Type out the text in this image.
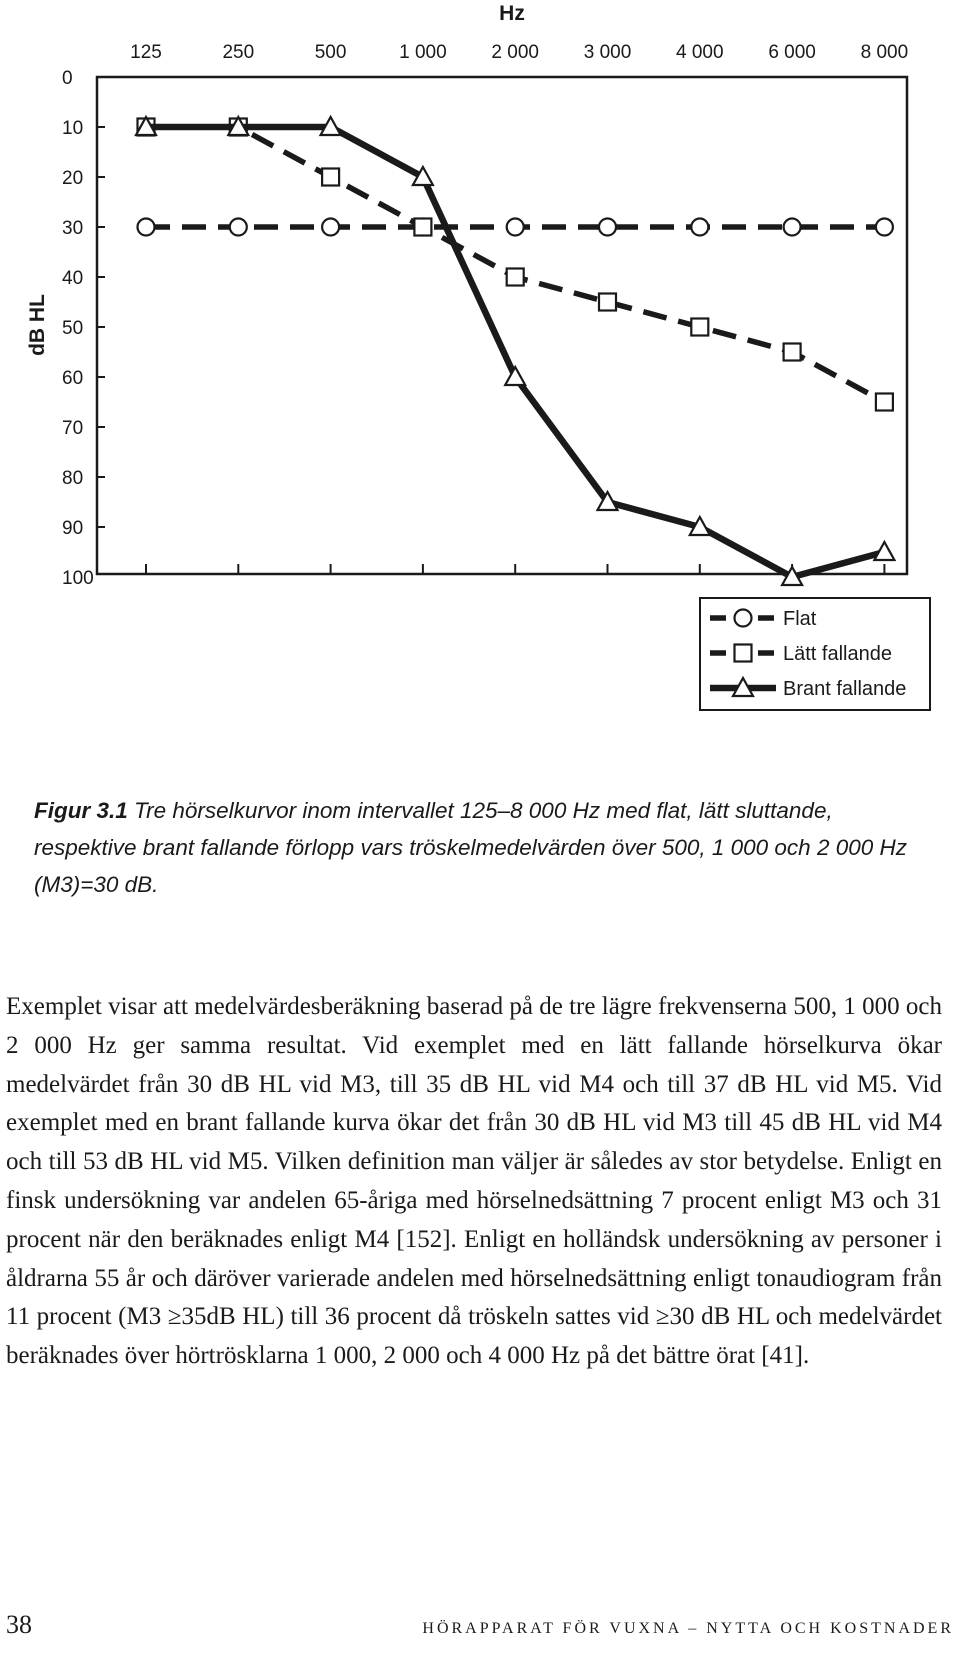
Hz
dB HL
125	250	500	1 000 2 000 3 000 4 000 6 000 8 000
0
10
20
30
40
50
60
70
80
90
100
Flat
Lätt fallande
Brant fallande

Figur 3.1 Tre hörselkurvor inom intervallet 125–8 000 Hz med flat, lätt sluttande, respektive brant fallande förlopp vars tröskelmedelvärden över 500, 1 000 och 2 000 Hz (M3)=30 dB.

Exemplet visar att medelvärdesberäkning baserad på de tre lägre frekvenserna 500, 1 000 och 2 000 Hz ger samma resultat. Vid exemplet med en lätt fallande hörselkurva ökar medelvärdet från 30 dB HL vid M3, till 35 dB HL vid M4 och till 37 dB HL vid M5. Vid exemplet med en brant fallande kurva ökar det från 30 dB HL vid M3 till 45 dB HL vid M4 och till 53 dB HL vid M5. Vilken definition man väljer är således av stor betydelse. Enligt en finsk undersökning var andelen 65-åriga med hörselnedsättning 7 procent enligt M3 och 31 procent när den beräknades enligt M4 [152]. Enligt en holländsk undersökning av personer i åldrarna 55 år och däröver varierade andelen med hörselnedsättning enligt tonaudiogram från 11 procent (M3 ≥35dB HL) till 36 procent då tröskeln sattes vid ≥30 dB HL och medelvärdet beräknades över hörtrösklarna 1 000, 2 000 och 4 000 Hz på det bättre örat [41].

38	HÖRAPPARAT FÖR VUXNA – NYTTA OCH KOSTNADER
